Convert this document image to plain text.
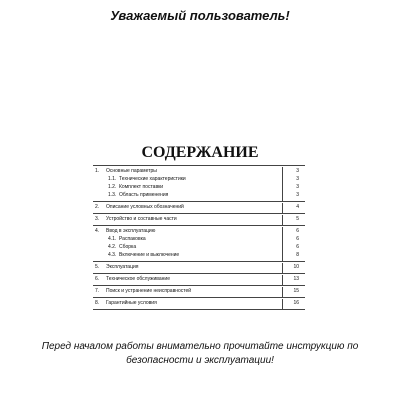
Уважаемый пользователь!
СОДЕРЖАНИЕ
1. Основные параметры	3
1.1. Технические характеристики	3
1.2. Комплект поставки	3
1.3. Область применения	3
2. Описание условных обозначений	4
3. Устройство и составные части	5
4. Ввод в эксплуатацию	6
4.1. Распаковка	6
4.2. Сборка	6
4.3. Включение и выключение	8
5. Эксплуатация	10
6. Техническое обслуживание	13
7. Поиск и устранение неисправностей	15
8. Гарантийные условия	16
Перед началом работы внимательно прочитайте инструкцию по безопасности и эксплуатации!
